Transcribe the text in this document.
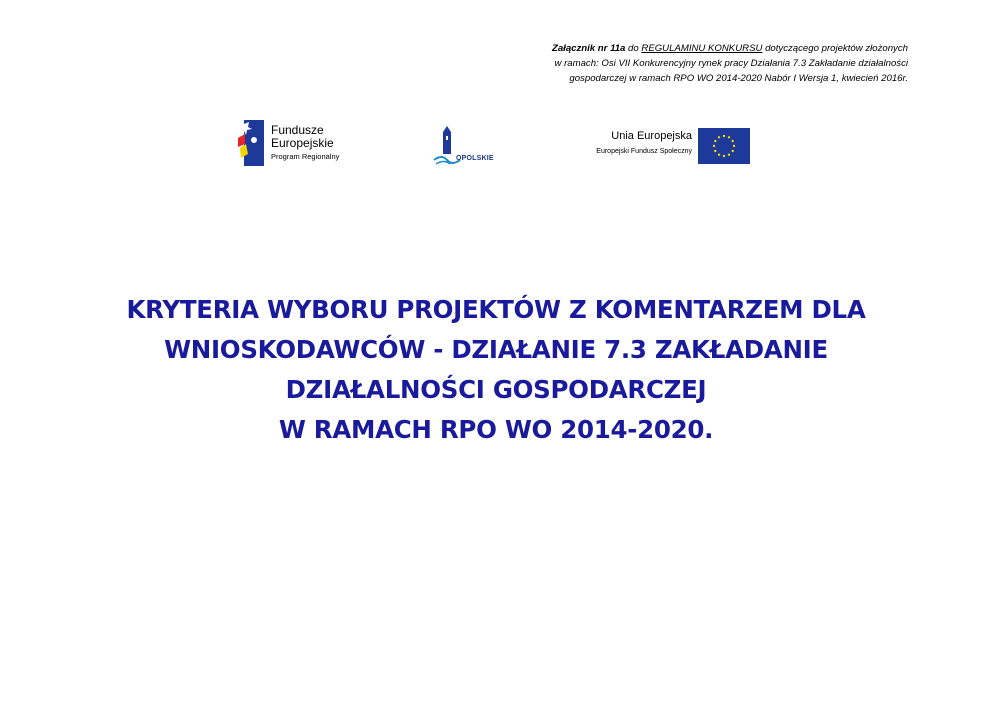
Załącznik nr 11a do REGULAMINU KONKURSU dotyczącego projektów złożonych
w ramach: Osi VII Konkurencyjny rynek pracy Działania 7.3 Zakładanie działalności
gospodarczej w ramach RPO WO 2014-2020 Nabór I Wersja 1, kwiecień 2016r.
Fundusze
Europejskie
Program Regionalny	OPOLSKIE
Unia Europejska
Europejski Fundusz Społeczny
KRYTERIA WYBORU PROJEKTÓW Z KOMENTARZEM DLA
WNIOSKODAWCÓW - DZIAŁANIE 7.3 ZAKŁADANIE
DZIAŁALNOŚCI GOSPODARCZEJ
W RAMACH RPO WO 2014-2020.
